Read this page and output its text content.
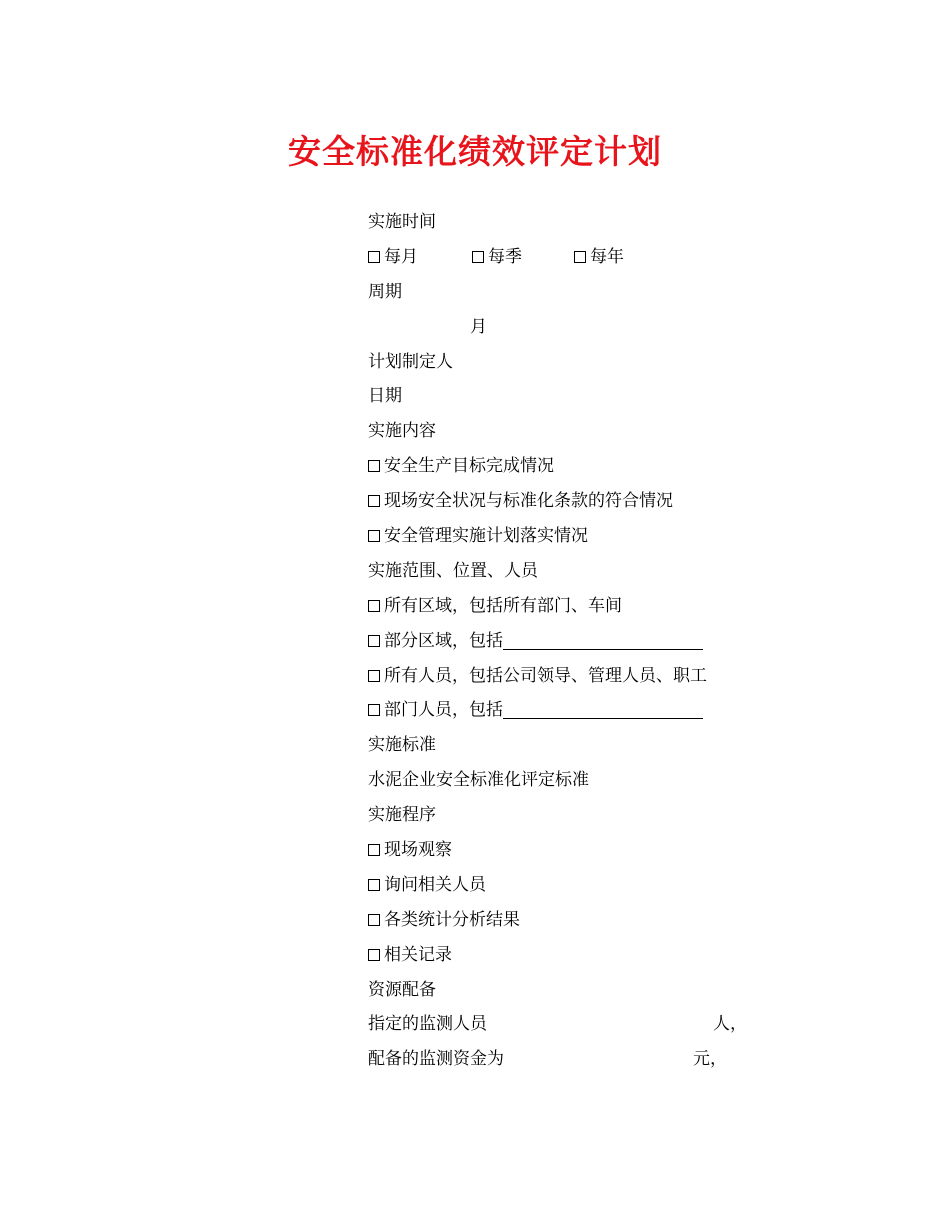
安全标准化绩效评定计划
实施时间
每月	每季	每年
周期
月
计划制定人
日期
实施内容
安全生产目标完成情况
现场安全状况与标准化条款的符合情况
安全管理实施计划落实情况
实施范围、位置、人员
所有区域，包括所有部门、车间
部分区域，包括
所有人员，包括公司领导、管理人员、职工
部门人员，包括
实施标准
水泥企业安全标准化评定标准
实施程序
现场观察
询问相关人员
各类统计分析结果
相关记录
资源配备
指定的监测人员	人，
配备的监测资金为	元，
